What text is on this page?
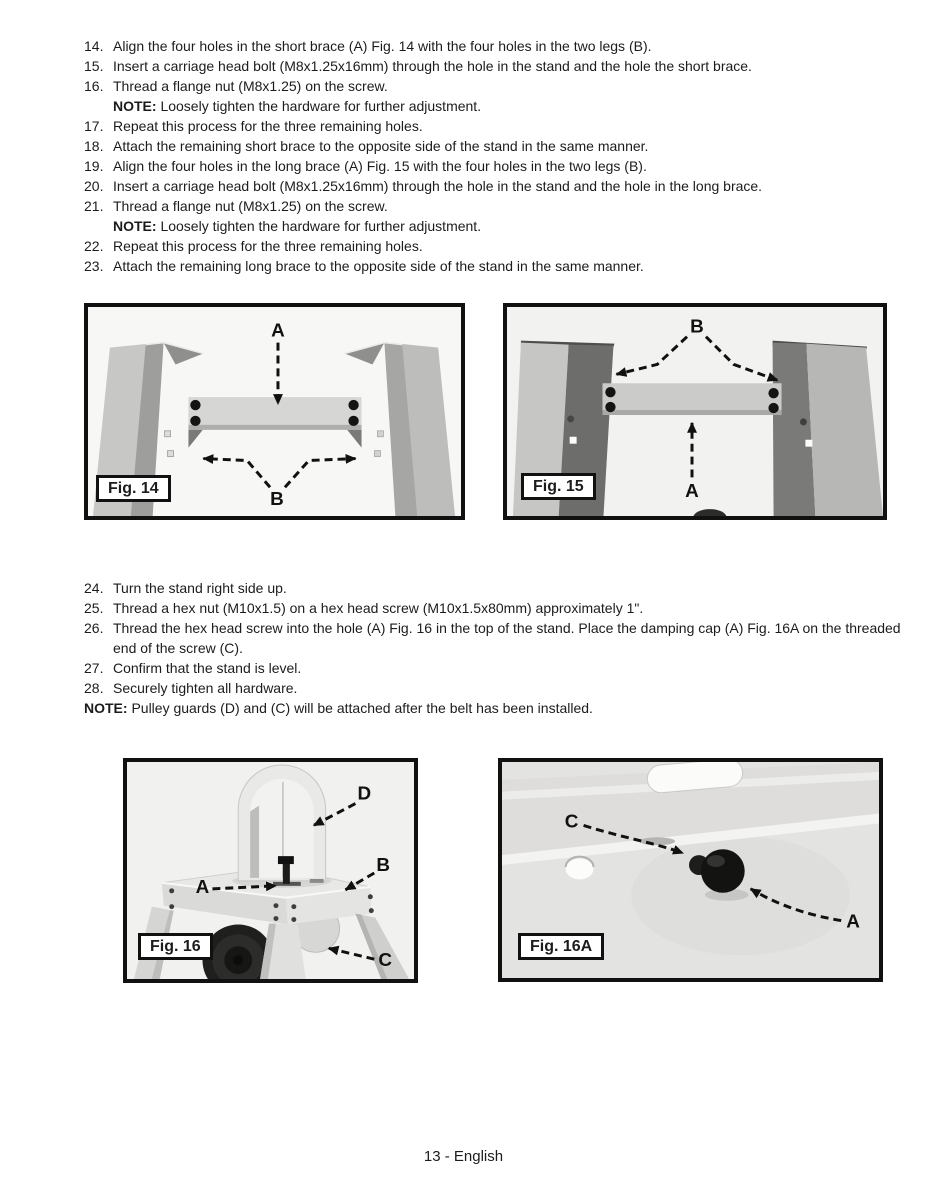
14. Align the four holes in the short brace (A) Fig. 14 with the four holes in the two legs (B).
15. Insert a carriage head bolt (M8x1.25x16mm) through the hole in the stand and the hole the short brace.
16. Thread a flange nut (M8x1.25) on the screw.
NOTE: Loosely tighten the hardware for further adjustment.
17. Repeat this process for the three remaining holes.
18. Attach the remaining short brace to the opposite side of the stand in the same manner.
19. Align the four holes in the long brace (A) Fig. 15 with the four holes in the two legs (B).
20. Insert a carriage head bolt (M8x1.25x16mm) through the hole in the stand and the hole in the long brace.
21. Thread a flange nut (M8x1.25) on the screw.
NOTE: Loosely tighten the hardware for further adjustment.
22. Repeat this process for the three remaining holes.
23. Attach the remaining long brace to the opposite side of the stand in the same manner.
A
B
Fig. 14
B
A
Fig. 15
24. Turn the stand right side up.
25. Thread a hex nut (M10x1.5) on a hex head screw (M10x1.5x80mm) approximately 1".
26. Thread the hex head screw into the hole (A) Fig. 16 in the top of the stand. Place the damping cap (A) Fig. 16A on the threaded end of the screw (C).
27. Confirm that the stand is level.
28. Securely tighten all hardware.
NOTE: Pulley guards (D) and (C) will be attached after the belt has been installed.
D
B
A
C
Fig. 16
C
A
Fig. 16A
13 - English
